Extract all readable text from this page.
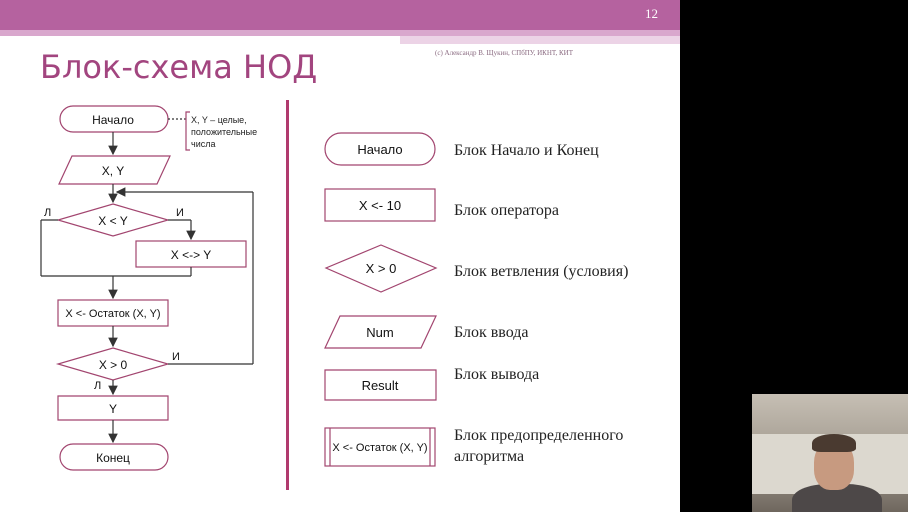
12
Блок-схема НОД	(c) Александр В. Щукин, СПбПУ, ИКНТ, КИТ
Начало
X, Y
X < Y
X <-> Y
X <- Остаток (X, Y)
X > 0
Y
Конец
Л	И
И
Л
X, Y – целые,
положительные
числа	Начало
X <- 10
X > 0
Num
Result
X <- Остаток (X, Y)
Блок Начало и Конец
Блок оператора
Блок ветвления (условия)
Блок ввода
Блок вывода
Блок предопределенного
алгоритма
